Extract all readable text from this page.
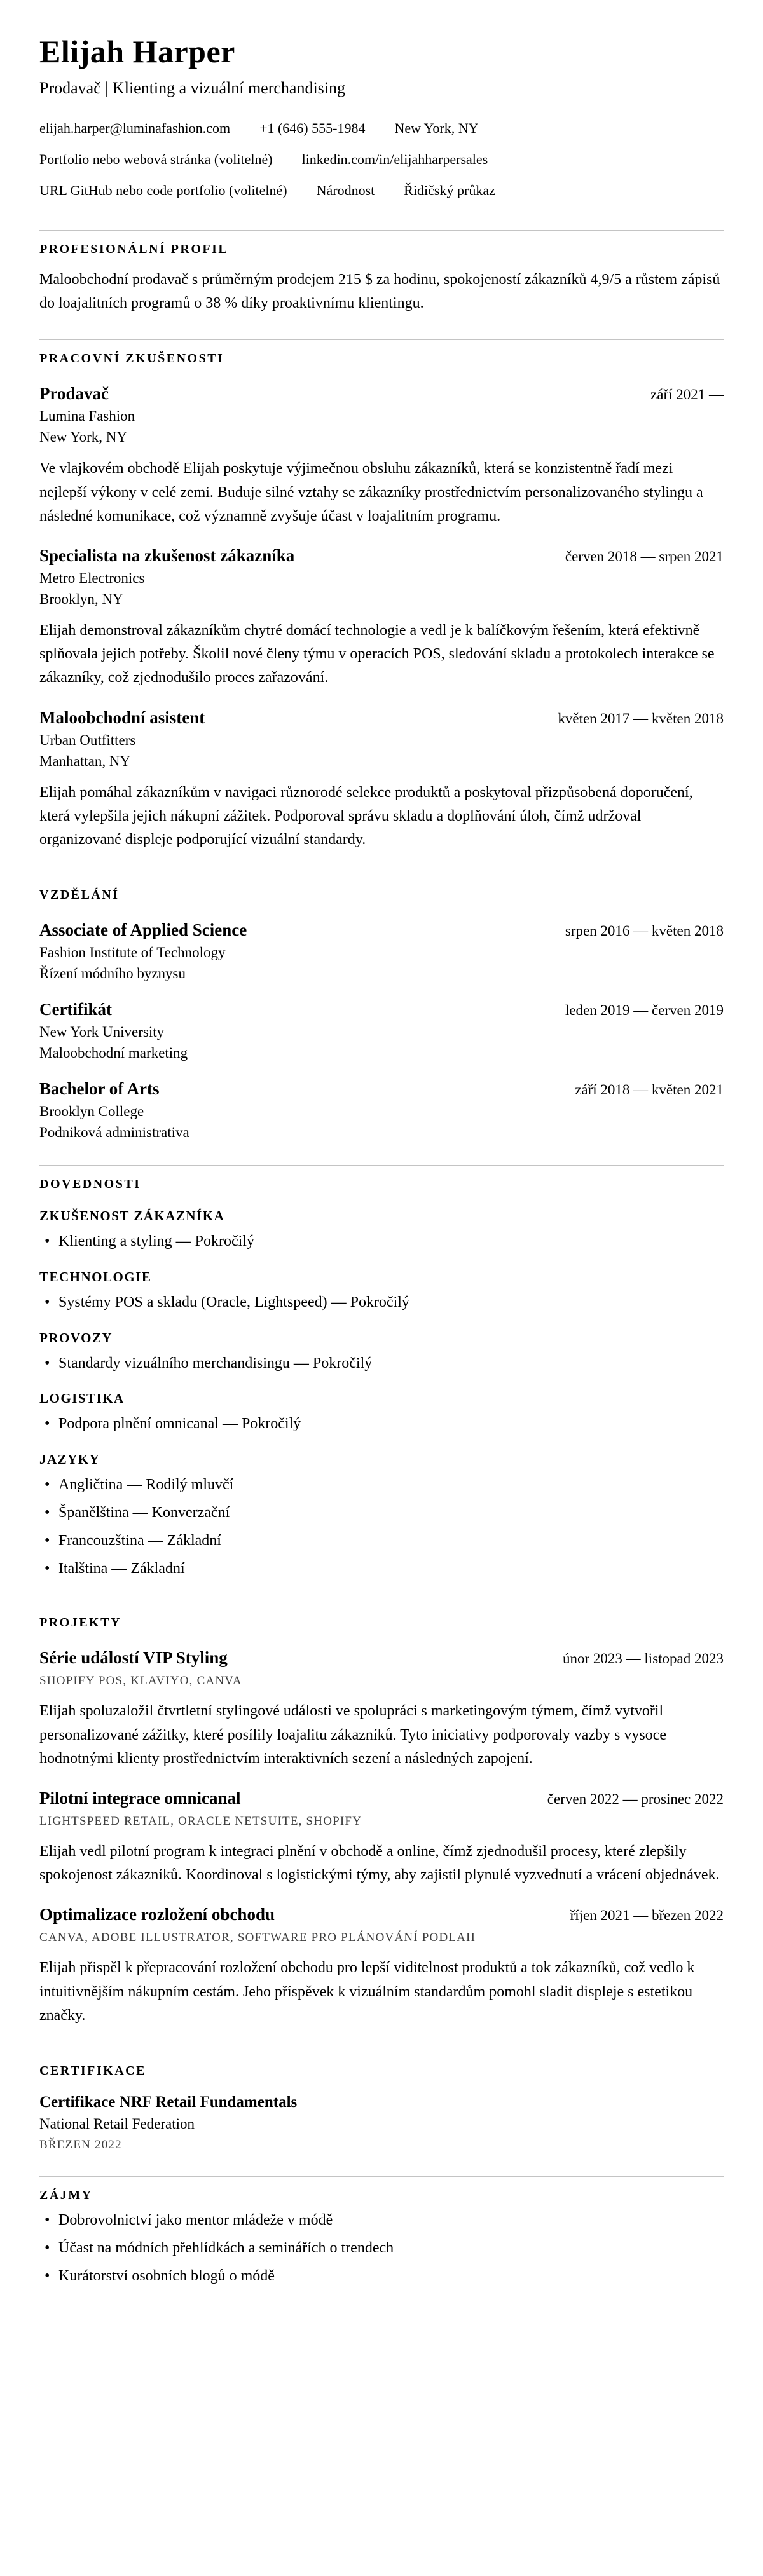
Elijah Harper
Prodavač | Klienting a vizuální merchandising
elijah.harper@luminafashion.com +1 (646) 555-1984 New York, NY
Portfolio nebo webová stránka (volitelné) linkedin.com/in/elijahharpersales
URL GitHub nebo code portfolio (volitelné) Národnost Řidičský průkaz
PROFESIONÁLNÍ PROFIL
Maloobchodní prodavač s průměrným prodejem 215 $ za hodinu, spokojeností zákazníků 4,9/5 a růstem zápisů do loajalitních programů o 38 % díky proaktivnímu klientingu.
PRACOVNÍ ZKUŠENOSTI
Prodavač	září 2021 —
Lumina Fashion
New York, NY
Ve vlajkovém obchodě Elijah poskytuje výjimečnou obsluhu zákazníků, která se konzistentně řadí mezi nejlepší výkony v celé zemi. Buduje silné vztahy se zákazníky prostřednictvím personalizovaného stylingu a následné komunikace, což významně zvyšuje účast v loajalitním programu.
Specialista na zkušenost zákazníka	červen 2018 — srpen 2021
Metro Electronics
Brooklyn, NY
Elijah demonstroval zákazníkům chytré domácí technologie a vedl je k balíčkovým řešením, která efektivně splňovala jejich potřeby. Školil nové členy týmu v operacích POS, sledování skladu a protokolech interakce se zákazníky, což zjednodušilo proces zařazování.
Maloobchodní asistent	květen 2017 — květen 2018
Urban Outfitters
Manhattan, NY
Elijah pomáhal zákazníkům v navigaci různorodé selekce produktů a poskytoval přizpůsobená doporučení, která vylepšila jejich nákupní zážitek. Podporoval správu skladu a doplňování úloh, čímž udržoval organizované displeje podporující vizuální standardy.
VZDĚLÁNÍ
Associate of Applied Science	srpen 2016 — květen 2018
Fashion Institute of Technology
Řízení módního byznysu
Certifikát	leden 2019 — červen 2019
New York University
Maloobchodní marketing
Bachelor of Arts	září 2018 — květen 2021
Brooklyn College
Podniková administrativa
DOVEDNOSTI
ZKUŠENOST ZÁKAZNÍKA
• Klienting a styling — Pokročilý
TECHNOLOGIE
• Systémy POS a skladu (Oracle, Lightspeed) — Pokročilý
PROVOZY
• Standardy vizuálního merchandisingu — Pokročilý
LOGISTIKA
• Podpora plnění omnicanal — Pokročilý
JAZYKY
• Angličtina — Rodilý mluvčí
• Španělština — Konverzační
• Francouzština — Základní
• Italština — Základní
PROJEKTY
Série událostí VIP Styling	únor 2023 — listopad 2023
SHOPIFY POS, KLAVIYO, CANVA
Elijah spoluzaložil čtvrtletní stylingové události ve spolupráci s marketingovým týmem, čímž vytvořil personalizované zážitky, které posílily loajalitu zákazníků. Tyto iniciativy podporovaly vazby s vysoce hodnotnými klienty prostřednictvím interaktivních sezení a následných zapojení.
Pilotní integrace omnicanal	červen 2022 — prosinec 2022
LIGHTSPEED RETAIL, ORACLE NETSUITE, SHOPIFY
Elijah vedl pilotní program k integraci plnění v obchodě a online, čímž zjednodušil procesy, které zlepšily spokojenost zákazníků. Koordinoval s logistickými týmy, aby zajistil plynulé vyzvednutí a vrácení objednávek.
Optimalizace rozložení obchodu	říjen 2021 — březen 2022
CANVA, ADOBE ILLUSTRATOR, SOFTWARE PRO PLÁNOVÁNÍ PODLAH
Elijah přispěl k přepracování rozložení obchodu pro lepší viditelnost produktů a tok zákazníků, což vedlo k intuitivnějším nákupním cestám. Jeho příspěvek k vizuálním standardům pomohl sladit displeje s estetikou značky.
CERTIFIKACE
Certifikace NRF Retail Fundamentals
National Retail Federation
BŘEZEN 2022
ZÁJMY
• Dobrovolnictví jako mentor mládeže v módě
• Účast na módních přehlídkách a seminářích o trendech
• Kurátorství osobních blogů o módě
